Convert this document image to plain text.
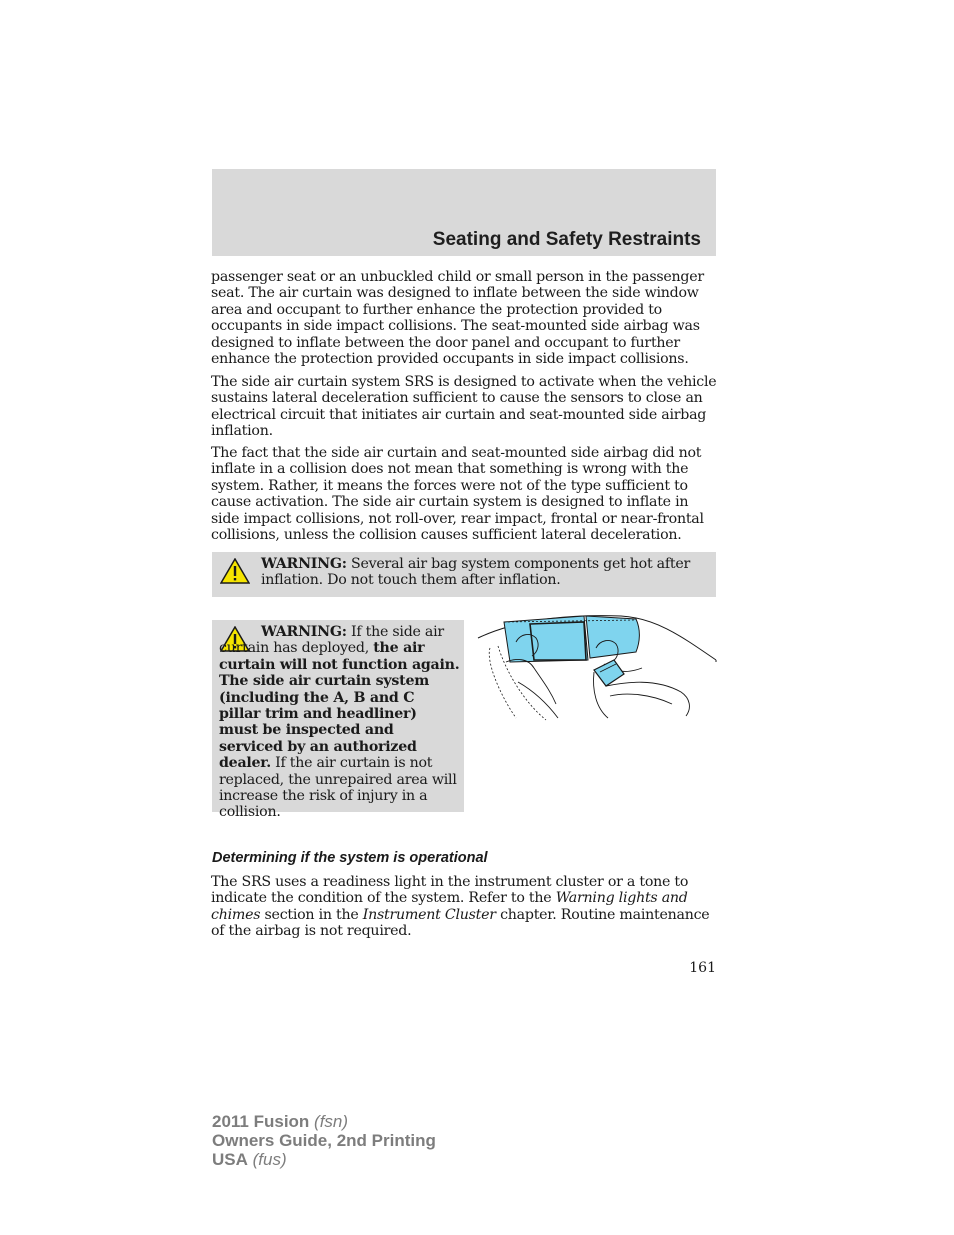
Seating and Safety Restraints

passenger seat or an unbuckled child or small person in the passenger seat. The air curtain was designed to inflate between the side window area and occupant to further enhance the protection provided to occupants in side impact collisions. The seat-mounted side airbag was designed to inflate between the door panel and occupant to further enhance the protection provided occupants in side impact collisions.

The side air curtain system SRS is designed to activate when the vehicle sustains lateral deceleration sufficient to cause the sensors to close an electrical circuit that initiates air curtain and seat-mounted side airbag inflation.

The fact that the side air curtain and seat-mounted side airbag did not inflate in a collision does not mean that something is wrong with the system. Rather, it means the forces were not of the type sufficient to cause activation. The side air curtain system is designed to inflate in side impact collisions, not roll-over, rear impact, frontal or near-frontal collisions, unless the collision causes sufficient lateral deceleration.

WARNING: Several air bag system components get hot after inflation. Do not touch them after inflation.
WARNING: If the side air curtain has deployed, the air curtain will not function again. The side air curtain system (including the A, B and C pillar trim and headliner) must be inspected and serviced by an authorized dealer. If the air curtain is not replaced, the unrepaired area will increase the risk of injury in a collision.
Determining if the system is operational

The SRS uses a readiness light in the instrument cluster or a tone to indicate the condition of the system. Refer to the Warning lights and chimes section in the Instrument Cluster chapter. Routine maintenance of the airbag is not required.

161
2011 Fusion (fsn)
Owners Guide, 2nd Printing
USA (fus)
